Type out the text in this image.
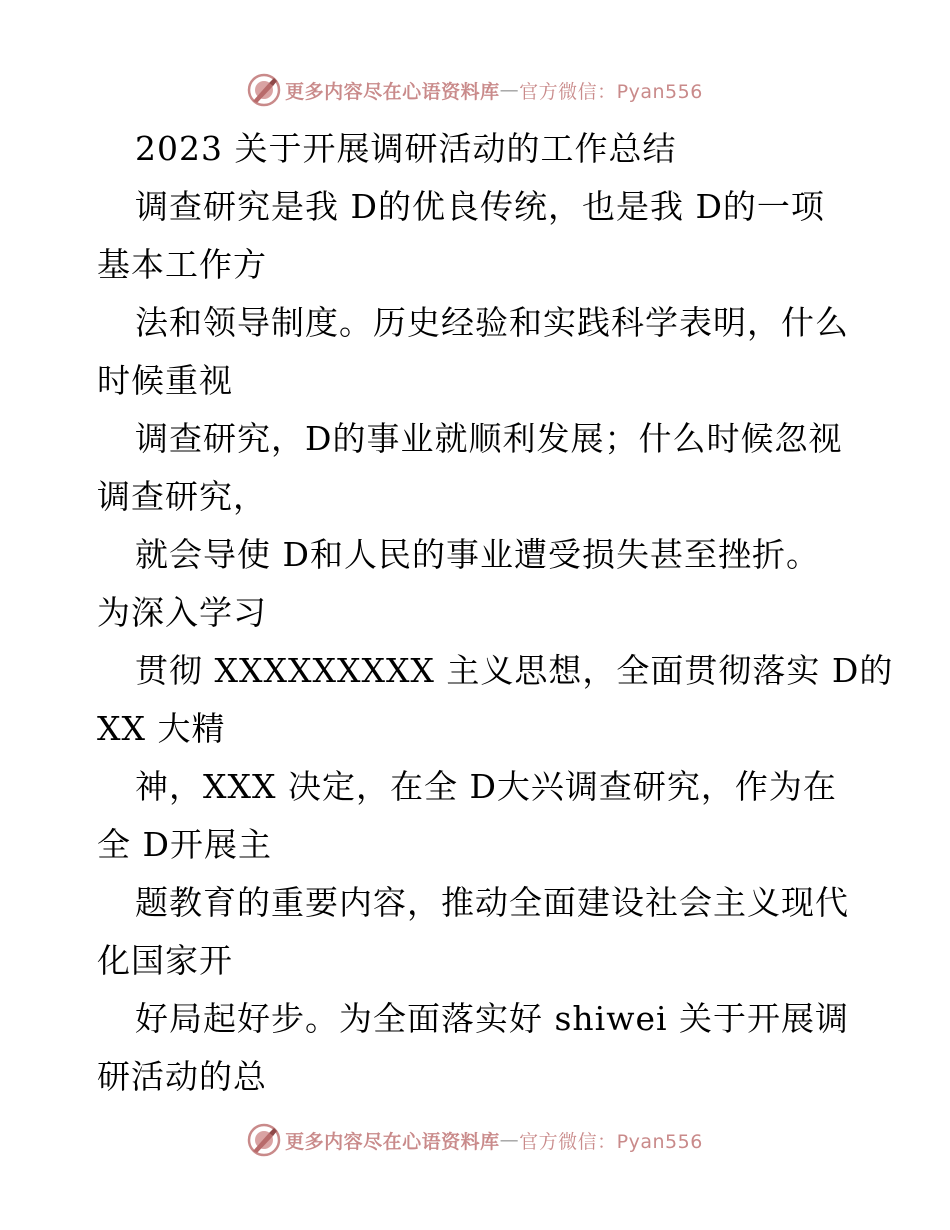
更多内容尽在心语资料库 — 官方微信：Pyan556
2023 关于开展调研活动的工作总结
调查研究是我 D的优良传统，也是我 D的一项
基本工作方
法和领导制度。历史经验和实践科学表明，什么
时候重视
调查研究，D的事业就顺利发展；什么时候忽视
调查研究，
就会导使 D和人民的事业遭受损失甚至挫折。
为深入学习
贯彻 XXXXXXXXX 主义思想，全面贯彻落实 D的
XX 大精
神，XXX 决定，在全 D大兴调查研究，作为在
全 D开展主
题教育的重要内容，推动全面建设社会主义现代
化国家开
好局起好步。为全面落实好 shiwei 关于开展调
研活动的总
更多内容尽在心语资料库 — 官方微信：Pyan556
